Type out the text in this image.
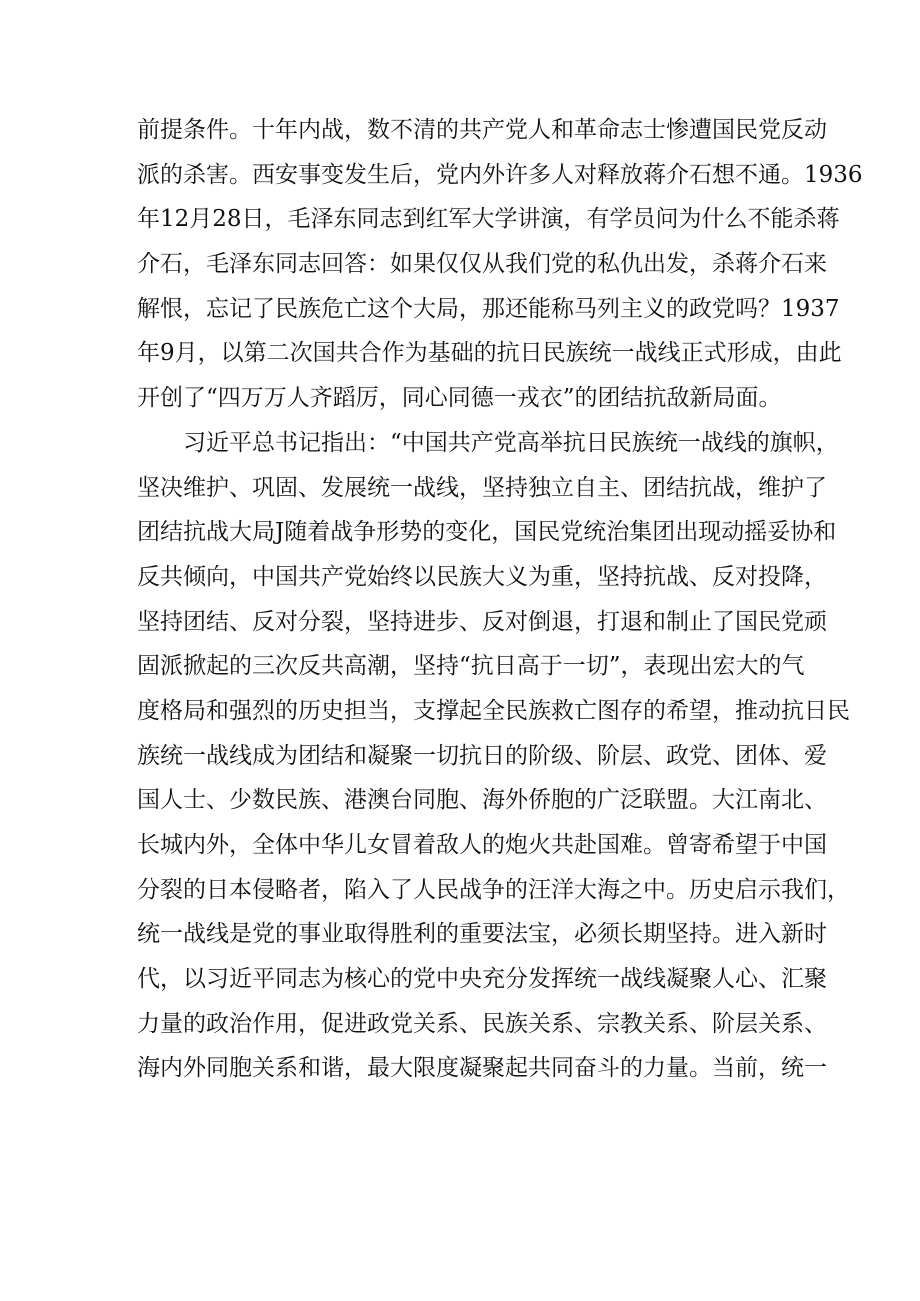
前提条件。十年内战，数不清的共产党人和革命志士惨遭国民党反动
派的杀害。西安事变发生后，党内外许多人对释放蒋介石想不通。1936
年12月28日，毛泽东同志到红军大学讲演，有学员问为什么不能杀蒋
介石，毛泽东同志回答：如果仅仅从我们党的私仇出发，杀蒋介石来
解恨，忘记了民族危亡这个大局，那还能称马列主义的政党吗？1937
年9月，以第二次国共合作为基础的抗日民族统一战线正式形成，由此
开创了“四万万人齐蹈厉，同心同德一戎衣”的团结抗敌新局面。
习近平总书记指出：“中国共产党高举抗日民族统一战线的旗帜，
坚决维护、巩固、发展统一战线，坚持独立自主、团结抗战，维护了
团结抗战大局J随着战争形势的变化，国民党统治集团出现动摇妥协和
反共倾向，中国共产党始终以民族大义为重，坚持抗战、反对投降，
坚持团结、反对分裂，坚持进步、反对倒退，打退和制止了国民党顽
固派掀起的三次反共高潮，坚持“抗日高于一切”，表现出宏大的气
度格局和强烈的历史担当，支撑起全民族救亡图存的希望，推动抗日民
族统一战线成为团结和凝聚一切抗日的阶级、阶层、政党、团体、爱
国人士、少数民族、港澳台同胞、海外侨胞的广泛联盟。大江南北、
长城内外，全体中华儿女冒着敌人的炮火共赴国难。曾寄希望于中国
分裂的日本侵略者，陷入了人民战争的汪洋大海之中。历史启示我们，
统一战线是党的事业取得胜利的重要法宝，必须长期坚持。进入新时
代，以习近平同志为核心的党中央充分发挥统一战线凝聚人心、汇聚
力量的政治作用，促进政党关系、民族关系、宗教关系、阶层关系、
海内外同胞关系和谐，最大限度凝聚起共同奋斗的力量。当前，统一
